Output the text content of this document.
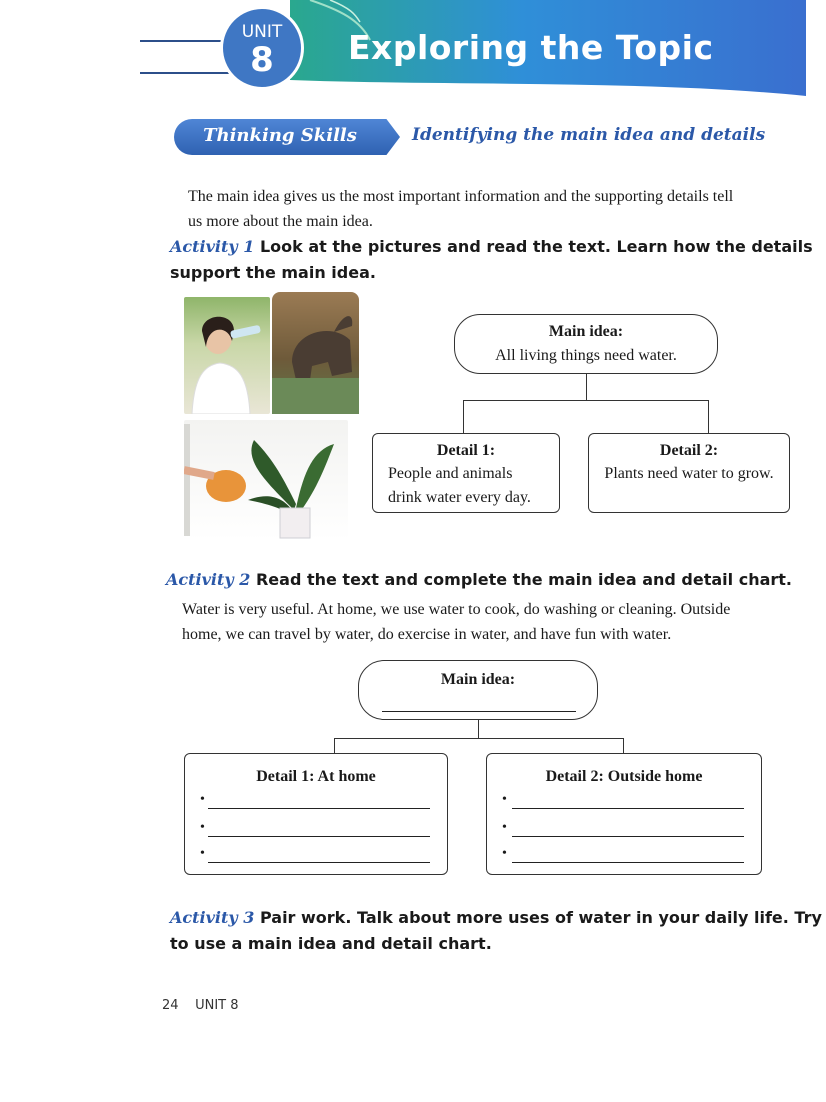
Exploring the Topic
UNIT
8
Thinking Skills	Identifying the main idea and details
The main idea gives us the most important information and the supporting details tell
us more about the main idea.
Activity 1 Look at the pictures and read the text. Learn how the details
support the main idea.
Main idea:
All living things need water.
Detail 1:
People and animals
drink water every day.
Detail 2:
Plants need water to grow.
Activity 2 Read the text and complete the main idea and detail chart.
Water is very useful. At home, we use water to cook, do washing or cleaning. Outside
home, we can travel by water, do exercise in water, and have fun with water.
Main idea:
Detail 1: At home
•
•
•
Detail 2: Outside home
•
•
•
Activity 3 Pair work. Talk about more uses of water in your daily life. Try
to use a main idea and detail chart.
24 UNIT 8
